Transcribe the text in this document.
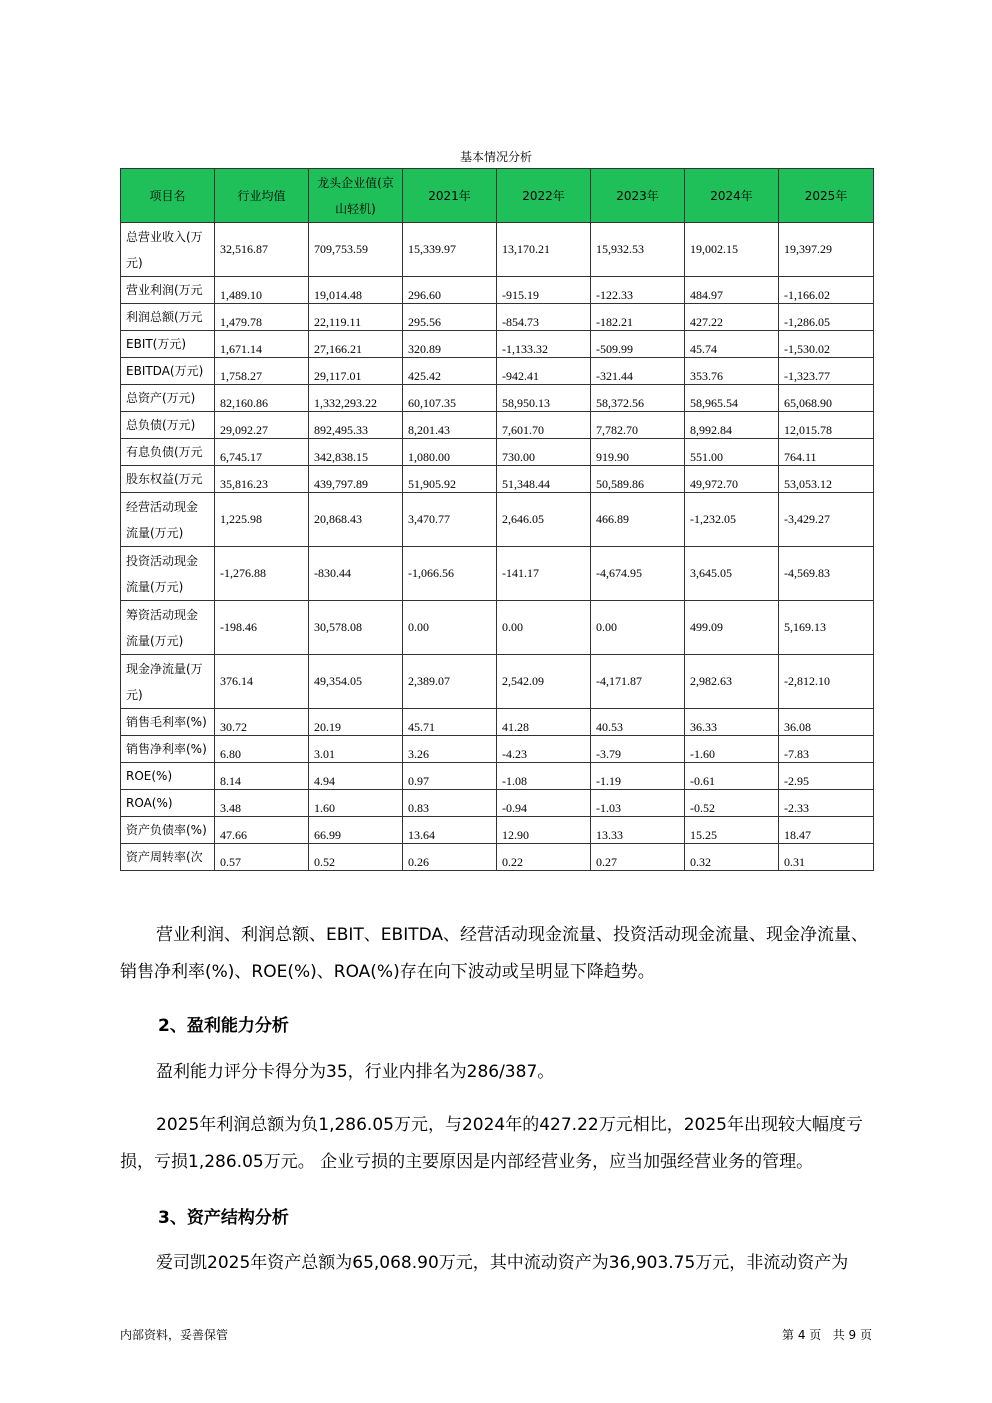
基本情况分析
项目名	行业均值	龙头企业值(京山轻机)	2021年	2022年	2023年	2024年	2025年
总营业收入(万元)	32,516.87	709,753.59	15,339.97	13,170.21	15,932.53	19,002.15	19,397.29
营业利润(万元	1,489.10	19,014.48	296.60	-915.19	-122.33	484.97	-1,166.02
利润总额(万元	1,479.78	22,119.11	295.56	-854.73	-182.21	427.22	-1,286.05
EBIT(万元)	1,671.14	27,166.21	320.89	-1,133.32	-509.99	45.74	-1,530.02
EBITDA(万元)	1,758.27	29,117.01	425.42	-942.41	-321.44	353.76	-1,323.77
总资产(万元)	82,160.86	1,332,293.22	60,107.35	58,950.13	58,372.56	58,965.54	65,068.90
总负债(万元)	29,092.27	892,495.33	8,201.43	7,601.70	7,782.70	8,992.84	12,015.78
有息负债(万元	6,745.17	342,838.15	1,080.00	730.00	919.90	551.00	764.11
股东权益(万元	35,816.23	439,797.89	51,905.92	51,348.44	50,589.86	49,972.70	53,053.12
经营活动现金流量(万元)	1,225.98	20,868.43	3,470.77	2,646.05	466.89	-1,232.05	-3,429.27
投资活动现金流量(万元)	-1,276.88	-830.44	-1,066.56	-141.17	-4,674.95	3,645.05	-4,569.83
筹资活动现金流量(万元)	-198.46	30,578.08	0.00	0.00	0.00	499.09	5,169.13
现金净流量(万元)	376.14	49,354.05	2,389.07	2,542.09	-4,171.87	2,982.63	-2,812.10
销售毛利率(%)	30.72	20.19	45.71	41.28	40.53	36.33	36.08
销售净利率(%)	6.80	3.01	3.26	-4.23	-3.79	-1.60	-7.83
ROE(%)	8.14	4.94	0.97	-1.08	-1.19	-0.61	-2.95
ROA(%)	3.48	1.60	0.83	-0.94	-1.03	-0.52	-2.33
资产负债率(%)	47.66	66.99	13.64	12.90	13.33	15.25	18.47
资产周转率(次	0.57	0.52	0.26	0.22	0.27	0.32	0.31
营业利润、利润总额、EBIT、EBITDA、经营活动现金流量、投资活动现金流量、现金净流量、销售净利率(%)、ROE(%)、ROA(%)存在向下波动或呈明显下降趋势。
2、盈利能力分析
盈利能力评分卡得分为35，行业内排名为286/387。
2025年利润总额为负1,286.05万元，与2024年的427.22万元相比，2025年出现较大幅度亏损，亏损1,286.05万元。 企业亏损的主要原因是内部经营业务，应当加强经营业务的管理。
3、资产结构分析
爱司凯2025年资产总额为65,068.90万元，其中流动资产为36,903.75万元，非流动资产为
内部资料，妥善保管	第 4 页   共 9 页
